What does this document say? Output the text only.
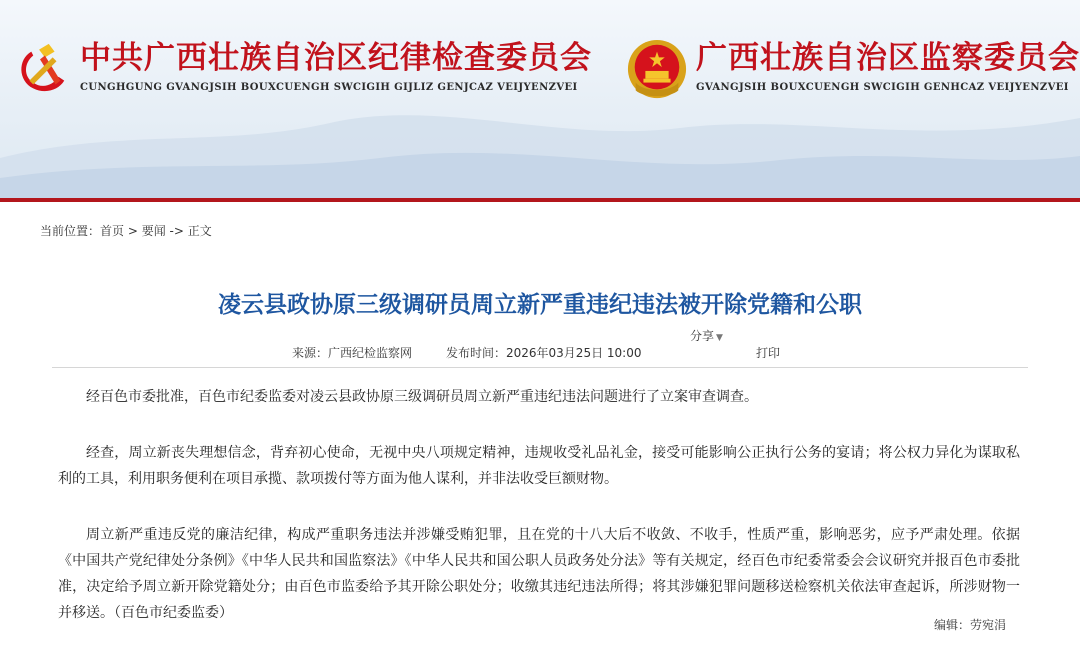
中共广西壮族自治区纪律检查委员会
CUNGHGUNG GVANGJSIH BOUXCUENGH SWCIGIH GIJLIZ GENJCAZ VEIJYENZVEI
广西壮族自治区监察委员会
GVANGJSIH BOUXCUENGH SWCIGIH GENHCAZ VEIJYENZVEI
当前位置：首页 > 要闻 -> 正文
凌云县政协原三级调研员周立新严重违纪违法被开除党籍和公职
分享 ▼
来源：广西纪检监察网	发布时间：2026年03月25日 10:00	打印

经百色市委批准，百色市纪委监委对凌云县政协原三级调研员周立新严重违纪违法问题进行了立案审查调查。

经查，周立新丧失理想信念，背弃初心使命，无视中央八项规定精神，违规收受礼品礼金，接受可能影响公正执行公务的宴请；将公权力异化为谋取私利的工具，利用职务便利在项目承揽、款项拨付等方面为他人谋利，并非法收受巨额财物。

周立新严重违反党的廉洁纪律，构成严重职务违法并涉嫌受贿犯罪，且在党的十八大后不收敛、不收手，性质严重，影响恶劣，应予严肃处理。依据《中国共产党纪律处分条例》《中华人民共和国监察法》《中华人民共和国公职人员政务处分法》等有关规定，经百色市纪委常委会会议研究并报百色市委批准，决定给予周立新开除党籍处分；由百色市监委给予其开除公职处分；收缴其违纪违法所得；将其涉嫌犯罪问题移送检察机关依法审查起诉，所涉财物一并移送。（百色市纪委监委）

编辑：劳宛涓
